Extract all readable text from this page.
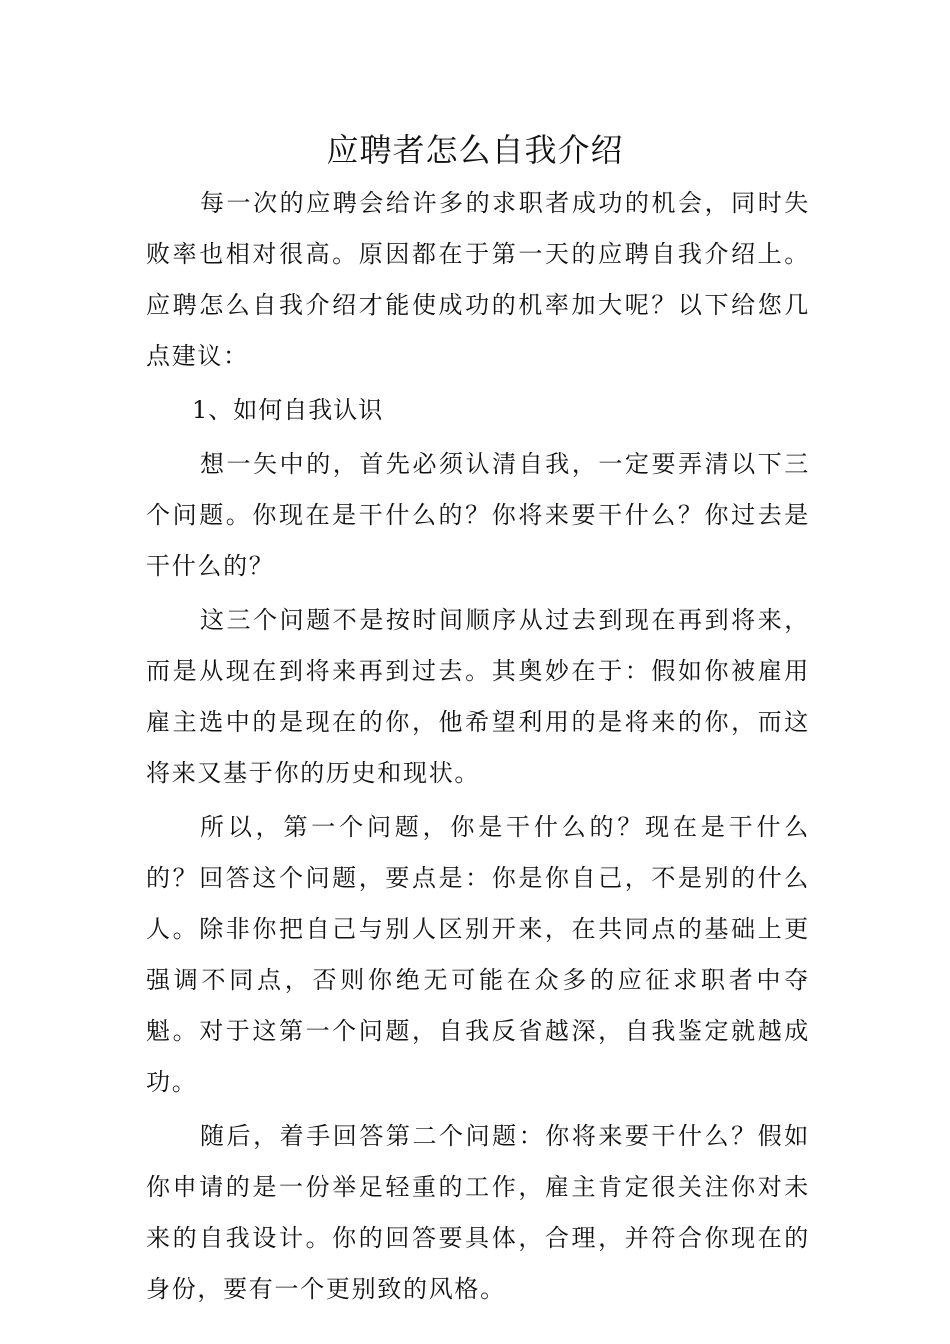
应聘者怎么自我介绍

每一次的应聘会给许多的求职者成功的机会，同时失败率也相对很高。原因都在于第一天的应聘自我介绍上。应聘怎么自我介绍才能使成功的机率加大呢？以下给您几点建议：

1、如何自我认识

想一矢中的，首先必须认清自我，一定要弄清以下三个问题。你现在是干什么的？你将来要干什么？你过去是干什么的？

这三个问题不是按时间顺序从过去到现在再到将来，而是从现在到将来再到过去。其奥妙在于：假如你被雇用雇主选中的是现在的你，他希望利用的是将来的你，而这将来又基于你的历史和现状。

所以，第一个问题，你是干什么的？现在是干什么的？回答这个问题，要点是：你是你自己，不是别的什么人。除非你把自己与别人区别开来，在共同点的基础上更强调不同点，否则你绝无可能在众多的应征求职者中夺魁。对于这第一个问题，自我反省越深，自我鉴定就越成功。

随后，着手回答第二个问题：你将来要干什么？假如你申请的是一份举足轻重的工作，雇主肯定很关注你对未来的自我设计。你的回答要具体，合理，并符合你现在的身份，要有一个更别致的风格。
